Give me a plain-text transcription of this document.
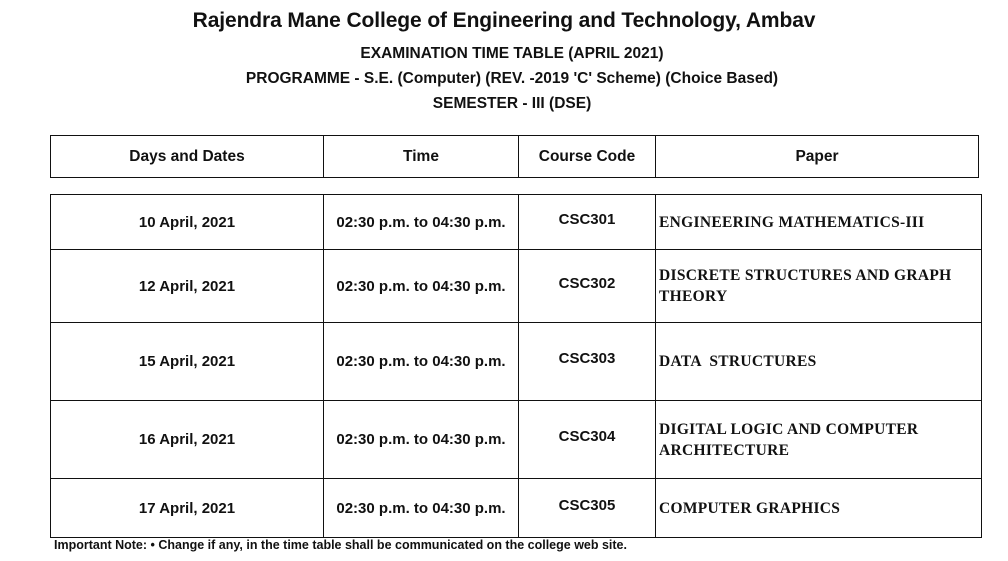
Rajendra Mane College of Engineering and Technology, Ambav
EXAMINATION TIME TABLE (APRIL 2021)
PROGRAMME - S.E. (Computer) (REV. -2019 'C' Scheme) (Choice Based)
SEMESTER - III (DSE)
Days and Dates	Time	Course Code	Paper
10 April, 2021	02:30 p.m. to 04:30 p.m.	CSC301	ENGINEERING MATHEMATICS-III
12 April, 2021	02:30 p.m. to 04:30 p.m.	CSC302	DISCRETE STRUCTURES AND GRAPH THEORY
15 April, 2021	02:30 p.m. to 04:30 p.m.	CSC303	DATA  STRUCTURES
16 April, 2021	02:30 p.m. to 04:30 p.m.	CSC304	DIGITAL LOGIC AND COMPUTER ARCHITECTURE
17 April, 2021	02:30 p.m. to 04:30 p.m.	CSC305	COMPUTER GRAPHICS
Important Note: • Change if any, in the time table shall be communicated on the college web site.
